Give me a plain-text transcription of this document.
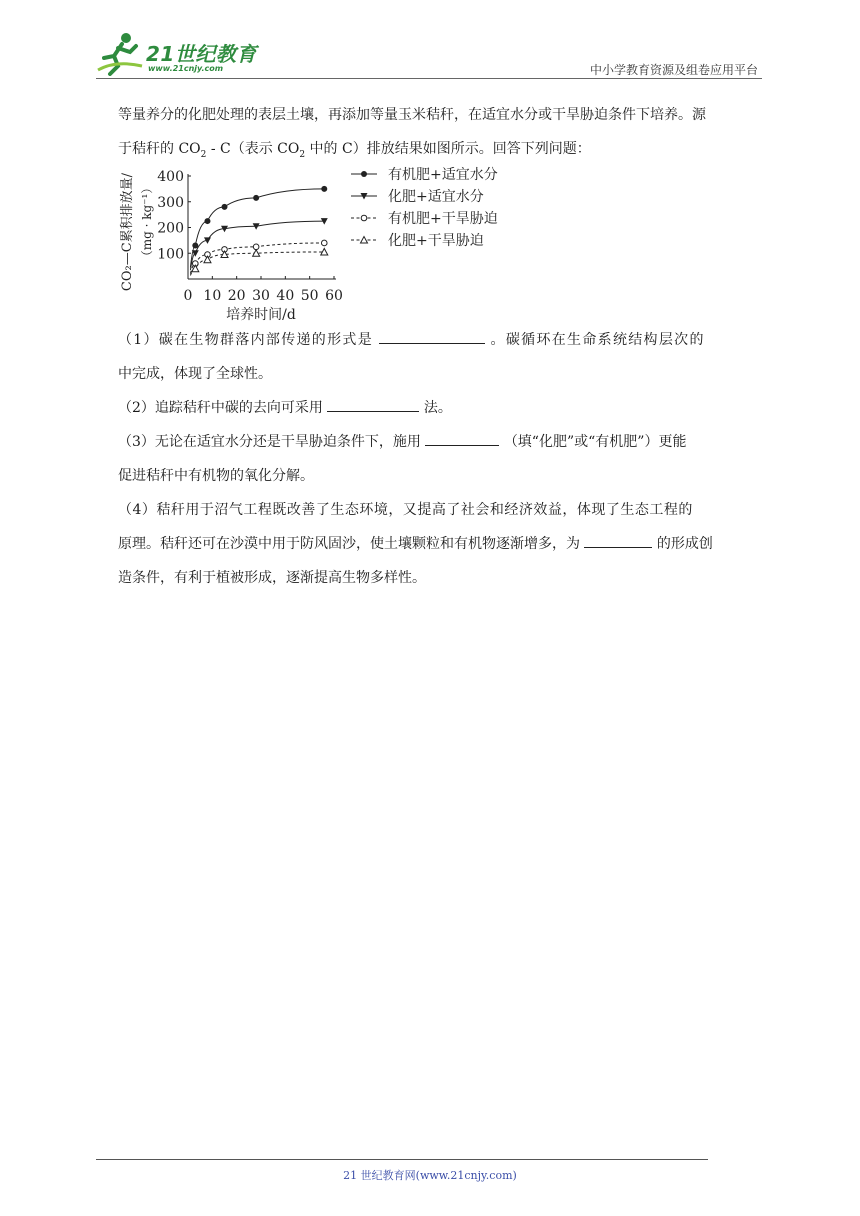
21世纪教育
www.21cnjy.com	中小学教育资源及组卷应用平台
等量养分的化肥处理的表层土壤，再添加等量玉米秸秆，在适宜水分或干旱胁迫条件下培养。源
于秸秆的 $CO_2 - C$（表示 $CO_2$ 中的 C）排放结果如图所示。回答下列问题：
0 10 20 30 40 50 60
100
200
300
400
培养时间/d
CO₂—C累积排放量/ （mg · kg⁻¹）
有机肥+适宜水分
化肥+适宜水分
有机肥+干旱胁迫
化肥+干旱胁迫
（1）碳在生物群落内部传递的形式是	。碳循环在生命系统结构层次的
中完成，体现了全球性。
（2）追踪秸秆中碳的去向可采用	法。
（3）无论在适宜水分还是干旱胁迫条件下，施用	（填“化肥”或“有机肥”）更能
促进秸秆中有机物的氧化分解。
（4）秸秆用于沼气工程既改善了生态环境，又提高了社会和经济效益，体现了生态工程的
原理。秸秆还可在沙漠中用于防风固沙，使土壤颗粒和有机物逐渐增多，为	的形成创
造条件，有利于植被形成，逐渐提高生物多样性。
21 世纪教育网(www.21cnjy.com)
